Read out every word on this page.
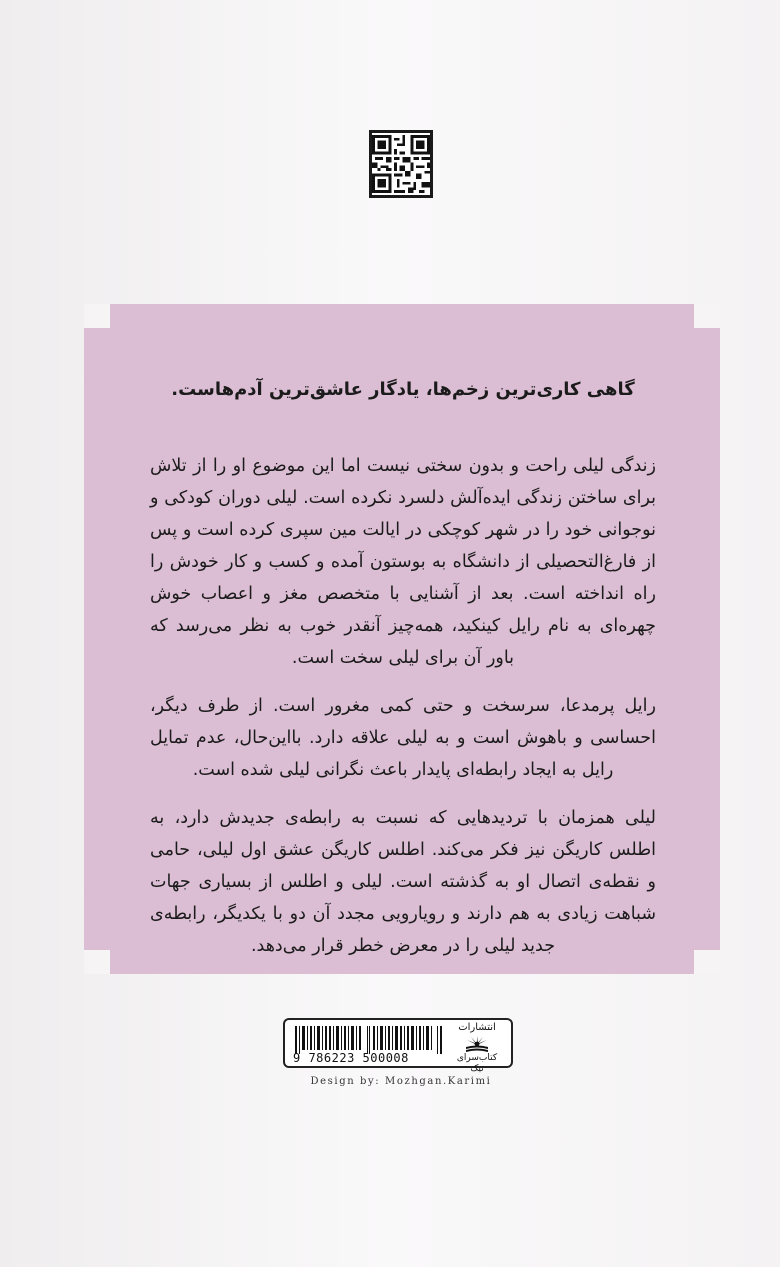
گاهی کاری‌ترین زخم‌ها، یادگار عاشق‌ترین آدم‌هاست.

زندگی لیلی راحت و بدون سختی نیست اما این موضوع او را از تلاش برای ساختن زندگی ایده‌آلش دلسرد نکرده است. لیلی دوران کودکی و نوجوانی خود را در شهر کوچکی در ایالت مین سپری کرده است و پس از فارغ‌التحصیلی از دانشگاه به بوستون آمده و کسب و کار خودش را راه انداخته است. بعد از آشنایی با متخصص مغز و اعصاب خوش چهره‌ای به نام رایل کینکید، همه‌چیز آنقدر خوب به نظر می‌رسد که باور آن برای لیلی سخت است.

رایل پرمدعا، سرسخت و حتی کمی مغرور است. از طرف دیگر، احساسی و باهوش است و به لیلی علاقه دارد. بااین‌حال، عدم تمایل رایل به ایجاد رابطه‌ای پایدار باعث نگرانی لیلی شده است.

لیلی همزمان با تردیدهایی که نسبت به رابطه‌ی جدیدش دارد، به اطلس کاریگن نیز فکر می‌کند. اطلس کاریگن عشق اول لیلی، حامی و نقطه‌ی اتصال او به گذشته است. لیلی و اطلس از بسیاری جهات شباهت زیادی به هم دارند و رویارویی مجدد آن دو با یکدیگر، رابطه‌ی جدید لیلی را در معرض خطر قرار می‌دهد.

9 786223 500008
انتشارات
کتاب‌سرای نیک
Design by: Mozhgan.Karimi
